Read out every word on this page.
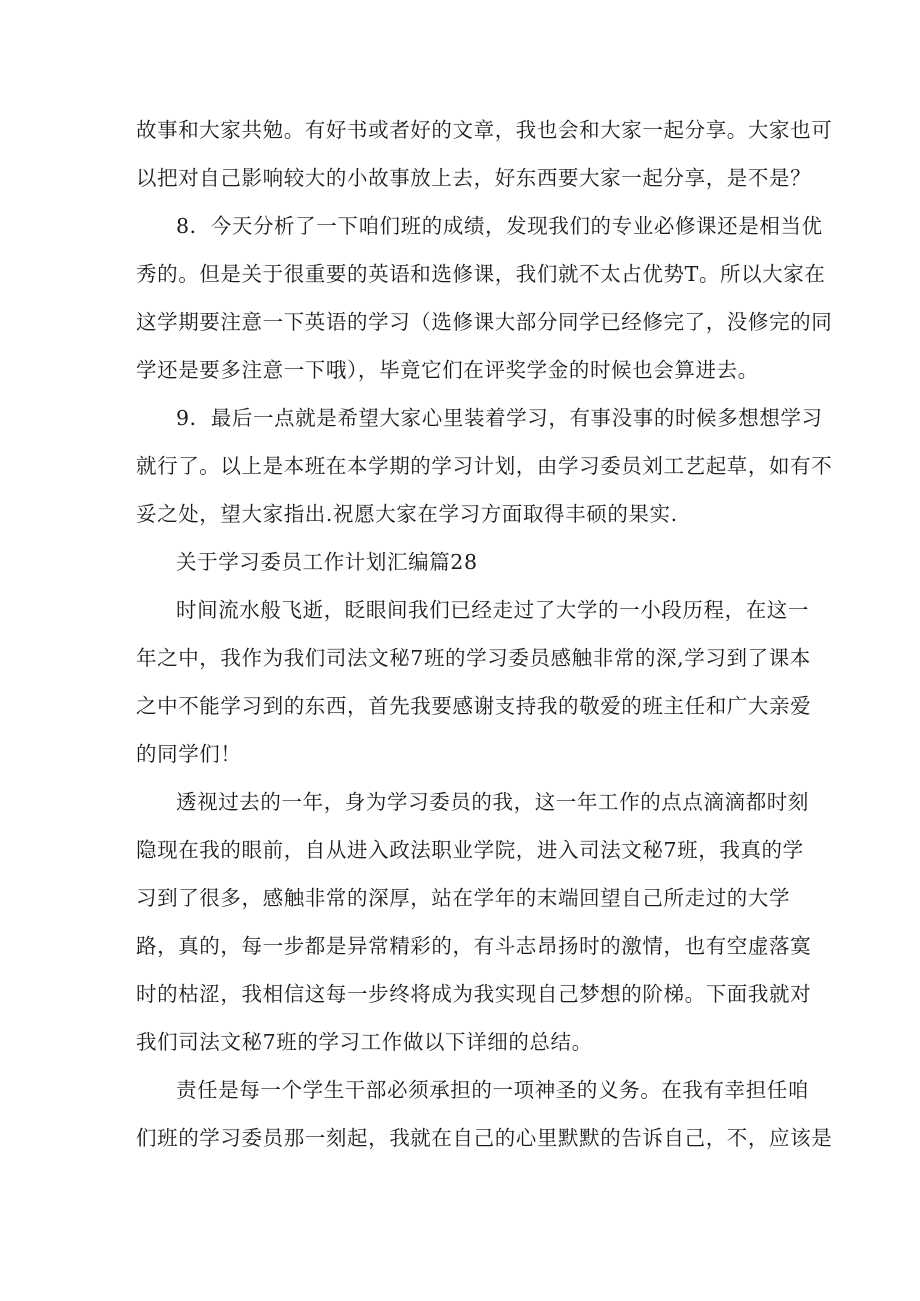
故事和大家共勉。有好书或者好的文章，我也会和大家一起分享。大家也可
以把对自己影响较大的小故事放上去，好东西要大家一起分享，是不是？
8．今天分析了一下咱们班的成绩，发现我们的专业必修课还是相当优
秀的。但是关于很重要的英语和选修课，我们就不太占优势T。所以大家在
这学期要注意一下英语的学习（选修课大部分同学已经修完了，没修完的同
学还是要多注意一下哦），毕竟它们在评奖学金的时候也会算进去。
9．最后一点就是希望大家心里装着学习，有事没事的时候多想想学习
就行了。以上是本班在本学期的学习计划，由学习委员刘工艺起草，如有不
妥之处，望大家指出.祝愿大家在学习方面取得丰硕的果实.
关于学习委员工作计划汇编篇28
时间流水般飞逝，眨眼间我们已经走过了大学的一小段历程，在这一
年之中，我作为我们司法文秘7班的学习委员感触非常的深,学习到了课本
之中不能学习到的东西，首先我要感谢支持我的敬爱的班主任和广大亲爱
的同学们！
透视过去的一年，身为学习委员的我，这一年工作的点点滴滴都时刻
隐现在我的眼前，自从进入政法职业学院，进入司法文秘7班，我真的学
习到了很多，感触非常的深厚，站在学年的末端回望自己所走过的大学
路，真的，每一步都是异常精彩的，有斗志昂扬时的激情，也有空虚落寞
时的枯涩，我相信这每一步终将成为我实现自己梦想的阶梯。下面我就对
我们司法文秘7班的学习工作做以下详细的总结。
责任是每一个学生干部必须承担的一项神圣的义务。在我有幸担任咱
们班的学习委员那一刻起，我就在自己的心里默默的告诉自己，不，应该是
